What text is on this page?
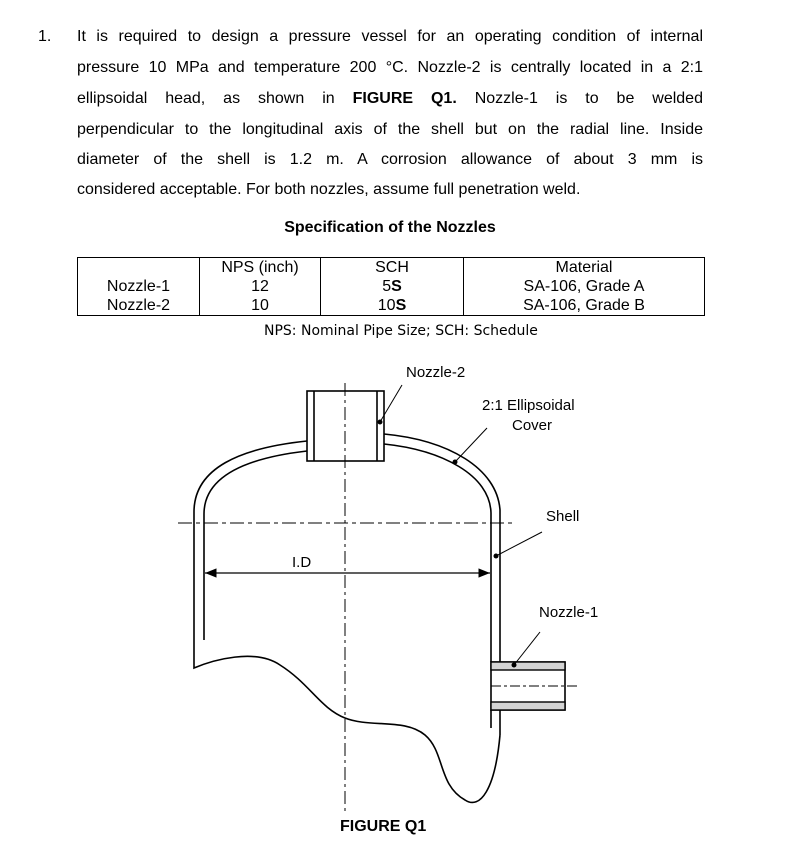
1. It is required to design a pressure vessel for an operating condition of internal
pressure 10 MPa and temperature 200 °C. Nozzle-2 is centrally located in a 2:1
ellipsoidal head, as shown in FIGURE Q1. Nozzle-1 is to be welded
perpendicular to the longitudinal axis of the shell but on the radial line. Inside
diameter of the shell is 1.2 m. A corrosion allowance of about 3 mm is
considered acceptable. For both nozzles, assume full penetration weld.
Specification of the Nozzles
	NPS (inch)	SCH	Material
Nozzle-1	12	5S	SA-106, Grade A
Nozzle-2	10	10S	SA-106, Grade B
NPS: Nominal Pipe Size; SCH: Schedule
Nozzle-2
2:1 Ellipsoidal
Cover
Shell
Nozzle-1
I.D
FIGURE Q1
